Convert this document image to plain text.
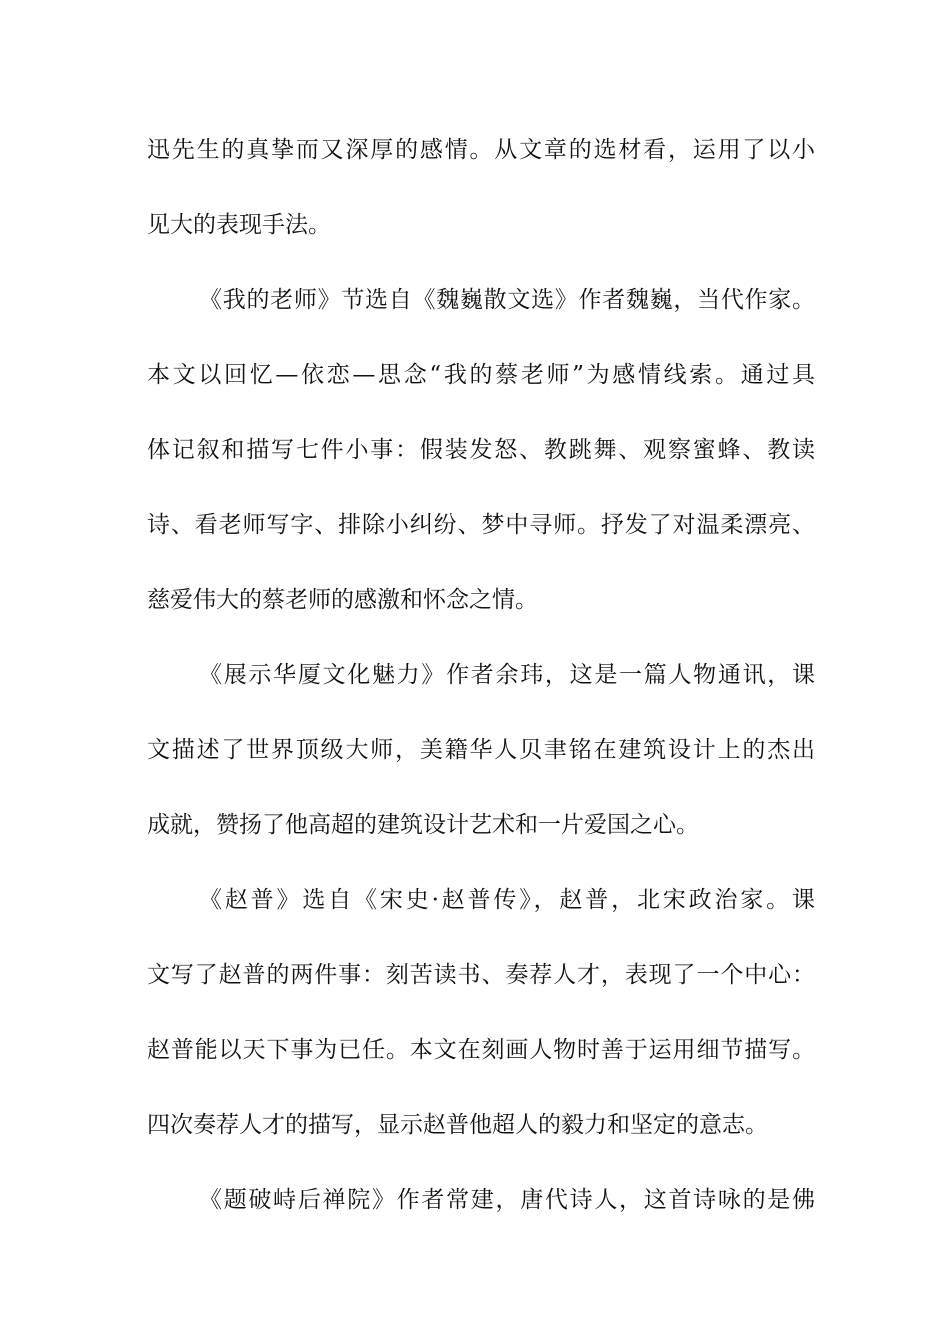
迅先生的真挚而又深厚的感情。从文章的选材看，运用了以小
见大的表现手法。
《我的老师》节选自《魏巍散文选》作者魏巍，当代作家。
本文以回忆—依恋—思念“我的蔡老师”为感情线索。通过具
体记叙和描写七件小事：假装发怒、教跳舞、观察蜜蜂、教读
诗、看老师写字、排除小纠纷、梦中寻师。抒发了对温柔漂亮、
慈爱伟大的蔡老师的感激和怀念之情。
《展示华厦文化魅力》作者余玮，这是一篇人物通讯，课
文描述了世界顶级大师，美籍华人贝聿铭在建筑设计上的杰出
成就，赞扬了他高超的建筑设计艺术和一片爱国之心。
《赵普》选自《宋史·赵普传》，赵普，北宋政治家。课
文写了赵普的两件事：刻苦读书、奏荐人才，表现了一个中心：
赵普能以天下事为已任。本文在刻画人物时善于运用细节描写。
四次奏荐人才的描写，显示赵普他超人的毅力和坚定的意志。
《题破峙后禅院》作者常建，唐代诗人，这首诗咏的是佛
